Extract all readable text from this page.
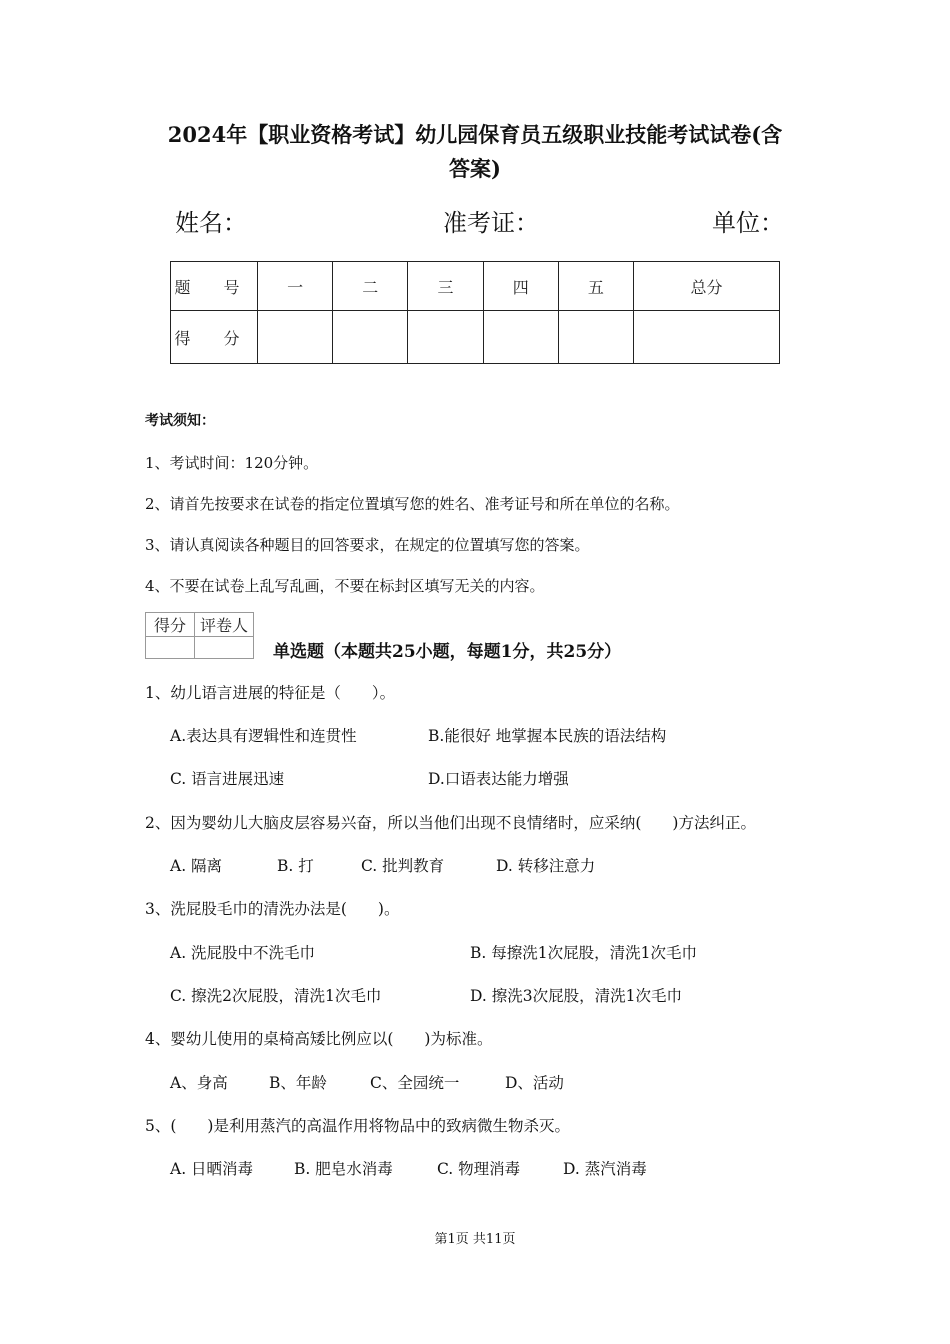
2024年【职业资格考试】幼儿园保育员五级职业技能考试试卷(含
答案)
姓名：	准考证：	单位：
题 号	一	二	三	四	五	总分
得 分						
考试须知：
1、考试时间：120分钟。
2、请首先按要求在试卷的指定位置填写您的姓名、准考证号和所在单位的名称。
3、请认真阅读各种题目的回答要求，在规定的位置填写您的答案。
4、不要在试卷上乱写乱画，不要在标封区填写无关的内容。
得分	评卷人

单选题（本题共25小题，每题1分，共25分）
1、幼儿语言进展的特征是（　　）。
A.表达具有逻辑性和连贯性	B.能很好 地掌握本民族的语法结构
C. 语言进展迅速	D.口语表达能力增强
2、因为婴幼儿大脑皮层容易兴奋，所以当他们出现不良情绪时，应采纳(　　)方法纠正。
A. 隔离	B. 打	C. 批判教育	D. 转移注意力
3、洗屁股毛巾的清洗办法是(　　)。
A. 洗屁股中不洗毛巾	B. 每擦洗1次屁股，清洗1次毛巾
C. 擦洗2次屁股，清洗1次毛巾	D. 擦洗3次屁股，清洗1次毛巾
4、婴幼儿使用的桌椅高矮比例应以(　　)为标准。
A、身高	B、年龄	C、全园统一	D、活动
5、(　　)是利用蒸汽的高温作用将物品中的致病微生物杀灭。
A. 日晒消毒	B. 肥皂水消毒	C. 物理消毒	D. 蒸汽消毒
第1页 共11页
